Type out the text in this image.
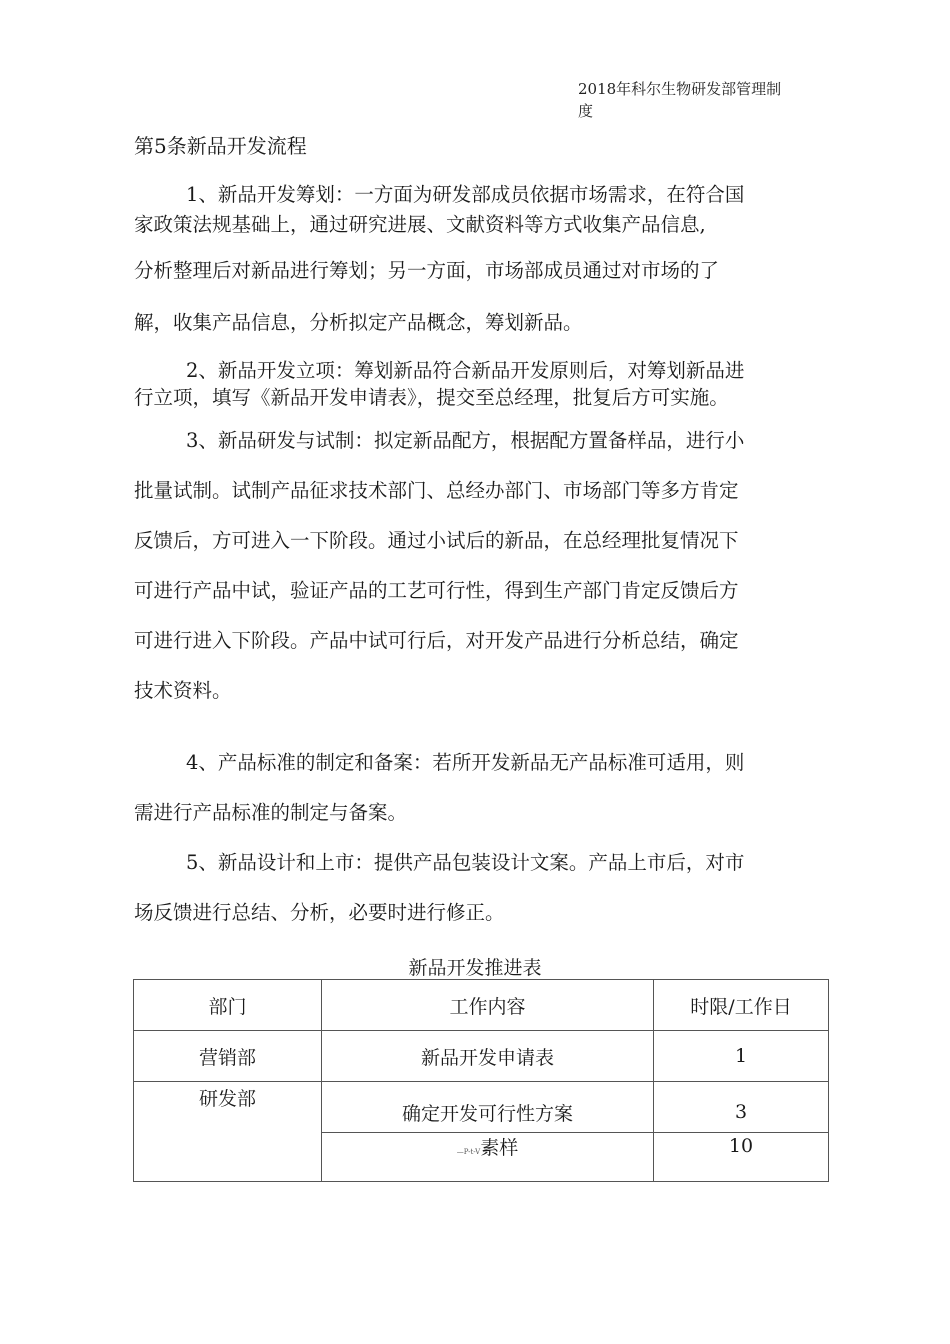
2018年科尔生物研发部管理制
度
第5条新品开发流程
1、新品开发筹划：一方面为研发部成员依据市场需求，在符合国
家政策法规基础上，通过研究进展、文献资料等方式收集产品信息,
分析整理后对新品进行筹划；另一方面，市场部成员通过对市场的了
解，收集产品信息，分析拟定产品概念，筹划新品。
2、新品开发立项：筹划新品符合新品开发原则后，对筹划新品进
行立项，填写《新品开发申请表》，提交至总经理，批复后方可实施。
3、新品研发与试制：拟定新品配方，根据配方置备样品，进行小
批量试制。试制产品征求技术部门、总经办部门、市场部门等多方肯定
反馈后，方可进入一下阶段。通过小试后的新品，在总经理批复情况下
可进行产品中试，验证产品的工艺可行性，得到生产部门肯定反馈后方
可进行进入下阶段。产品中试可行后，对开发产品进行分析总结，确定
技术资料。
4、产品标准的制定和备案：若所开发新品无产品标准可适用，则
需进行产品标准的制定与备案。
5、新品设计和上市：提供产品包装设计文案。产品上市后，对市
场反馈进行总结、分析，必要时进行修正。
新品开发推进表
部门	工作内容	时限/工作日
营销部	新品开发申请表	1

研发部	确定开发可行性方案	3
	—P-t-V素样	10
